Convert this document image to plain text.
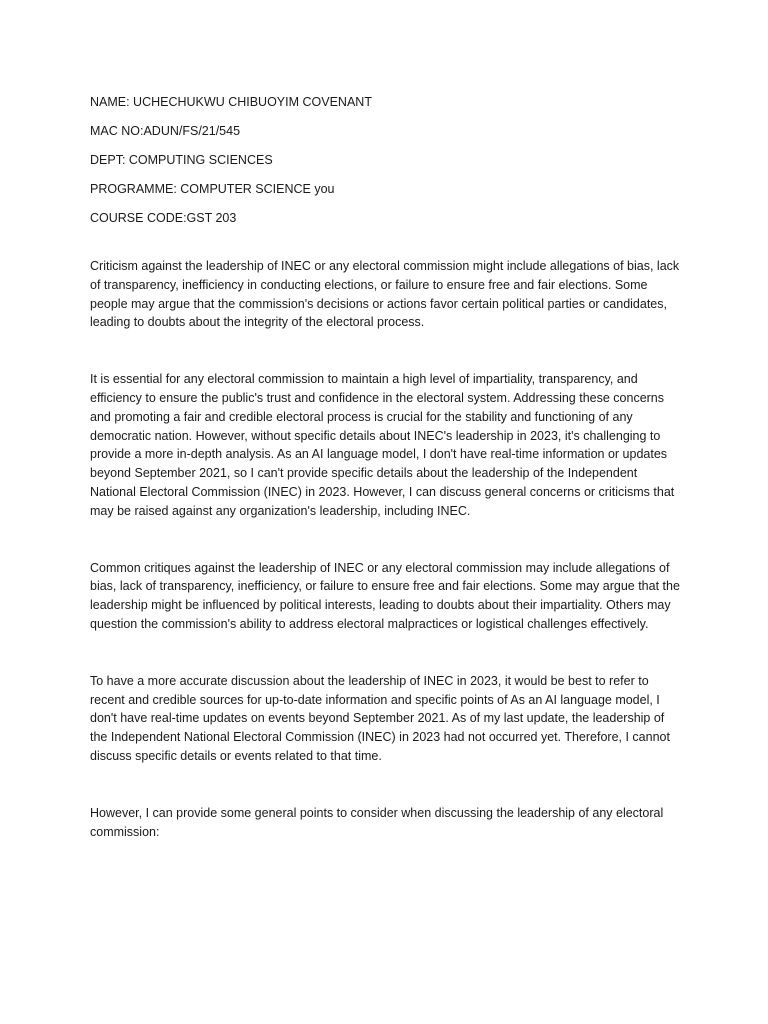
NAME: UCHECHUKWU CHIBUOYIM COVENANT
MAC NO:ADUN/FS/21/545
DEPT: COMPUTING SCIENCES
PROGRAMME: COMPUTER SCIENCE you
COURSE CODE:GST 203

Criticism against the leadership of INEC or any electoral commission might include allegations of bias, lack of transparency, inefficiency in conducting elections, or failure to ensure free and fair elections. Some people may argue that the commission's decisions or actions favor certain political parties or candidates, leading to doubts about the integrity of the electoral process.

It is essential for any electoral commission to maintain a high level of impartiality, transparency, and efficiency to ensure the public's trust and confidence in the electoral system. Addressing these concerns and promoting a fair and credible electoral process is crucial for the stability and functioning of any democratic nation. However, without specific details about INEC's leadership in 2023, it's challenging to provide a more in-depth analysis. As an AI language model, I don't have real-time information or updates beyond September 2021, so I can't provide specific details about the leadership of the Independent National Electoral Commission (INEC) in 2023. However, I can discuss general concerns or criticisms that may be raised against any organization's leadership, including INEC.

Common critiques against the leadership of INEC or any electoral commission may include allegations of bias, lack of transparency, inefficiency, or failure to ensure free and fair elections. Some may argue that the leadership might be influenced by political interests, leading to doubts about their impartiality. Others may question the commission's ability to address electoral malpractices or logistical challenges effectively.

To have a more accurate discussion about the leadership of INEC in 2023, it would be best to refer to recent and credible sources for up-to-date information and specific points of As an AI language model, I don't have real-time updates on events beyond September 2021. As of my last update, the leadership of the Independent National Electoral Commission (INEC) in 2023 had not occurred yet. Therefore, I cannot discuss specific details or events related to that time.

However, I can provide some general points to consider when discussing the leadership of any electoral commission:
